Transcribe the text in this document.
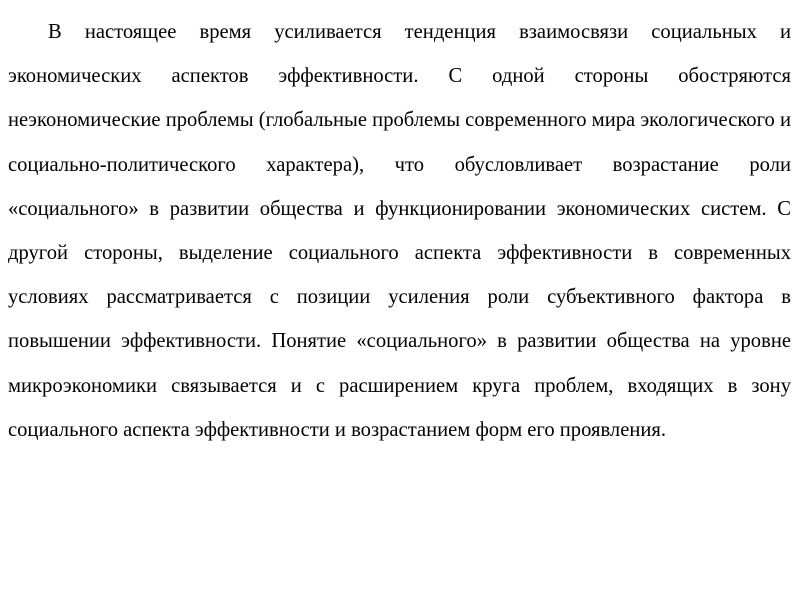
В настоящее время усиливается тенденция взаимосвязи социальных и экономических аспектов эффективности. С одной стороны обостряются неэкономические проблемы (глобальные проблемы современного мира экологического и социально-политического характера), что обусловливает возрастание роли «социального» в развитии общества и функционировании экономических систем. С другой стороны, выделение социального аспекта эффективности в современных условиях рассматривается с позиции усиления роли субъективного фактора в повышении эффективности. Понятие «социального» в развитии общества на уровне микроэкономики связывается и с расширением круга проблем, входящих в зону социального аспекта эффективности и возрастанием форм его проявления.
